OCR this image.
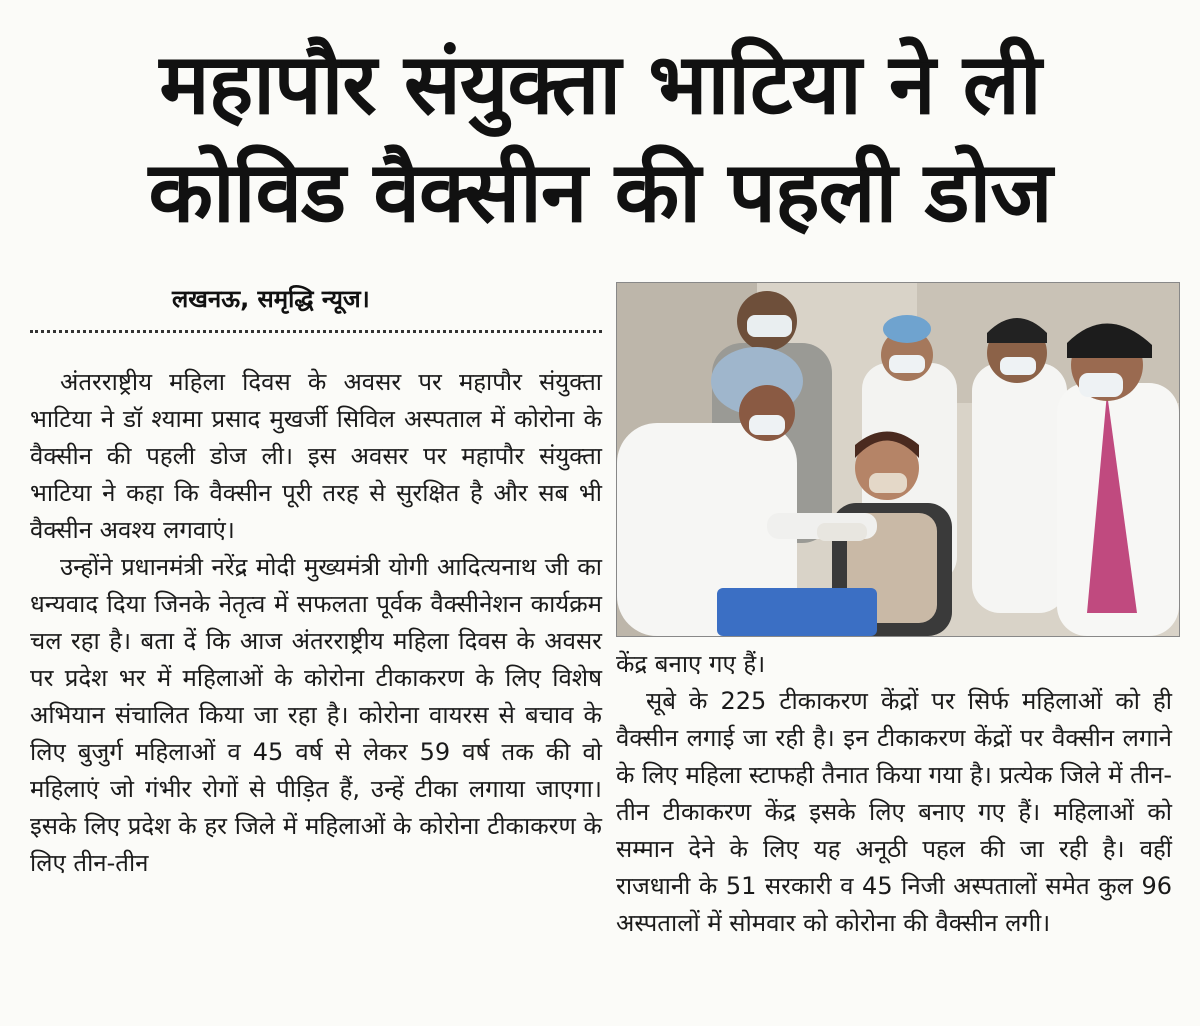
महापौर संयुक्ता भाटिया ने ली
कोविड वैक्सीन की पहली डोज
लखनऊ, समृद्धि न्यूज।

अंतरराष्ट्रीय महिला दिवस के अवसर पर महापौर संयुक्ता भाटिया ने डॉ श्यामा प्रसाद मुखर्जी सिविल अस्पताल में कोरोना के वैक्सीन की पहली डोज ली। इस अवसर पर महापौर संयुक्ता भाटिया ने कहा कि वैक्सीन पूरी तरह से सुरक्षित है और सब भी वैक्सीन अवश्य लगवाएं।

उन्होंने प्रधानमंत्री नरेंद्र मोदी मुख्यमंत्री योगी आदित्यनाथ जी का धन्यवाद दिया जिनके नेतृत्व में सफलता पूर्वक वैक्सीनेशन कार्यक्रम चल रहा है। बता दें कि आज अंतरराष्ट्रीय महिला दिवस के अवसर पर प्रदेश भर में महिलाओं के कोरोना टीकाकरण के लिए विशेष अभियान संचालित किया जा रहा है। कोरोना वायरस से बचाव के लिए बुजुर्ग महिलाओं व 45 वर्ष से लेकर 59 वर्ष तक की वो महिलाएं जो गंभीर रोगों से पीड़ित हैं, उन्हें टीका लगाया जाएगा। इसके लिए प्रदेश के हर जिले में महिलाओं के कोरोना टीकाकरण के लिए तीन-तीन

केंद्र बनाए गए हैं।

सूबे के 225 टीकाकरण केंद्रों पर सिर्फ महिलाओं को ही वैक्सीन लगाई जा रही है। इन टीकाकरण केंद्रों पर वैक्सीन लगाने के लिए महिला स्टाफही तैनात किया गया है। प्रत्येक जिले में तीन-तीन टीकाकरण केंद्र इसके लिए बनाए गए हैं। महिलाओं को सम्मान देने के लिए यह अनूठी पहल की जा रही है। वहीं राजधानी के 51 सरकारी व 45 निजी अस्पतालों समेत कुल 96 अस्पतालों में सोमवार को कोरोना की वैक्सीन लगी।
